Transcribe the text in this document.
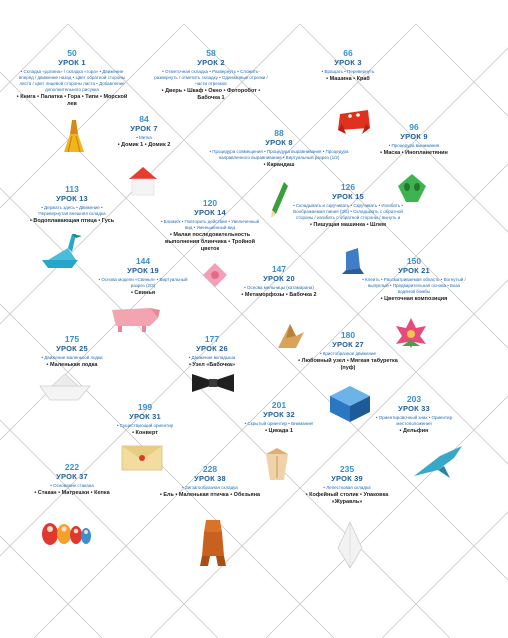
50
УРОК 1
• Складка «долина» / складка «гора» • Движение вперед / движение назад • Цвет обратной стороны листа / цвет лицевой стороны листа • Добавление дополнительного рисунка
• Книга • Палатка • Гора • Типи • Морской лев
58
УРОК 2
• Отметочная складка • Развернуть • Сложить-развернуть / отметить складку • Одинаковые отрезки / части отрезков
• Дверь • Шкаф • Окно • Фоторобот • Бабочка 1
66
УРОК 3
• Вращать • Перевернуть
• Машина • Краб
84
УРОК 7
• Метка
• Домик 1 • Домик 2
88
УРОК 8
• Процедура совмещения • Процедура выравнивания • Процедура направленного выравнивания • Виртуальный разрез (1/2)
• Карандаш
96
УРОК 9
• Процедура вынимания
• Маска • Инопланетянин
113
УРОК 13
• Держать здесь • Движение • Перевернутая внешняя складка
• Водоплавающая птица • Гусь
120
УРОК 14
• Ближе/к • Повторить действие • Увеличенный вид • Уменьшенный вид
• Малая последовательность выполнения блинчика • Тройной цветок
126
УРОК 15
• Складывать и скручивать • Скручивать • Изгибать • Воображаемая линия (3/5) • Складывать с обратной стороны / изгибать с обратной стороны / вынуть и
• Пишущая машинка • Шлем
144
УРОК 19
• Основа модели «Свинья» • Виртуальный разрез (2/3)
• Свинья
147
УРОК 20
• Основа мельницы (катамарана)
• Метаморфозы • Бабочка 2
150
УРОК 21
• Клеить • Рассматриваемая область • Вогнутый / выпуклый • Предварительная основа • База водяной бомбы
• Цветочная композиция
175
УРОК 25
• Движение маленькой лодки
• Маленькая лодка
177
УРОК 26
• Движение вкладыша
• Узел «Бабочка»
180
УРОК 27
• Кристобразное движение
• Любовный узел • Мягкая табуретка (пуф)
199
УРОК 31
• Существующий ориентир
• Конверт
201
УРОК 32
• Скрытый ориентир • Внимание!
• Цикада 1
203
УРОК 33
• Ориентировочный знак • Ориентир местоположения
• Дельфин
222
УРОК 37
• Основание стакана
• Стакан • Матрешки • Кепка
228
УРОК 38
• Зигзагообразная складка
• Ель • Маленькая птичка • Обезьяна
235
УРОК 39
• Лепестковая складка
• Кофейный столик • Упаковка «Журавль»
